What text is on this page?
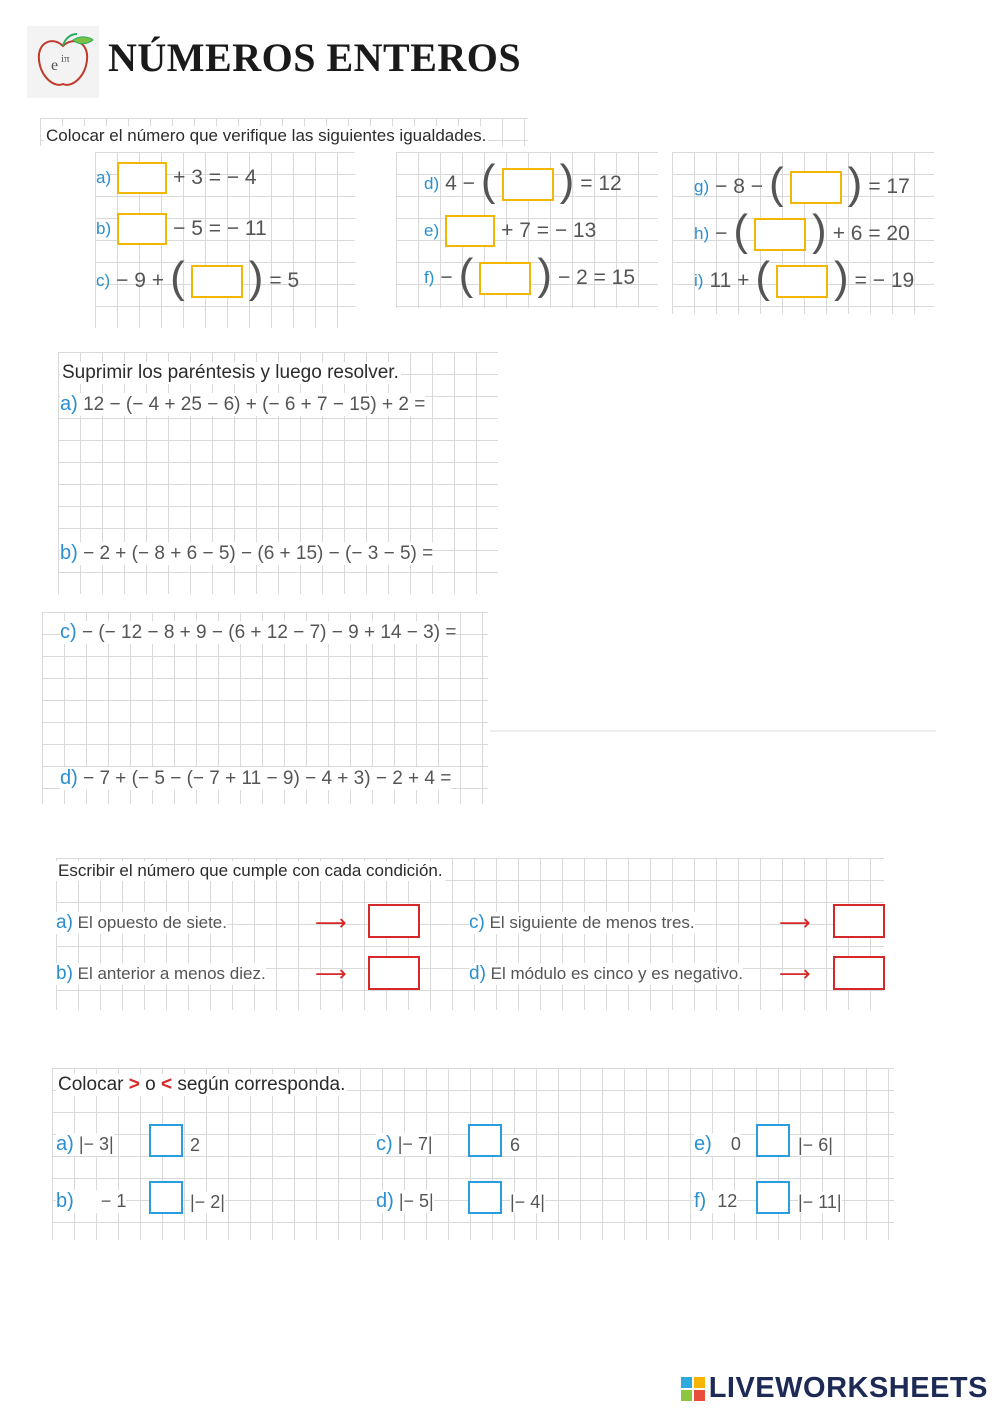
e iπ NÚMEROS ENTEROS
Colocar el número que verifique las siguientes igualdades.
a)	+ 3 = − 4
b)	− 5 = − 11
c) − 9 + ( ) = 5
d) 4 − ( ) = 12
e)	+ 7 = − 13
f) − ( ) − 2 = 15
g) − 8 − ( ) = 17
h) − ( ) + 6 = 20
i) 11 + ( ) = − 19
Suprimir los paréntesis y luego resolver.
a) 12 − (− 4 + 25 − 6) + (− 6 + 7 − 15) + 2 =
b) − 2 + (− 8 + 6 − 5) − (6 + 15) − (− 3 − 5) =
c) − (− 12 − 8 + 9 − (6 + 12 − 7) − 9 + 14 − 3) =
d) − 7 + (− 5 − (− 7 + 11 − 9) − 4 + 3) − 2 + 4 =
Escribir el número que cumple con cada condición.
a) El opuesto de siete.	⟶
b) El anterior a menos diez. ⟶
c) El siguiente de menos tres.	⟶
d) El módulo es cinco y es negativo. ⟶
Colocar > o < según corresponda.
a) |− 3|	2
b) − 1	|− 2|
c) |− 7|	6
d) |− 5|	|− 4|
e) 0	|− 6|
f) 12	|− 11|
LIVEWORKSHEETS
